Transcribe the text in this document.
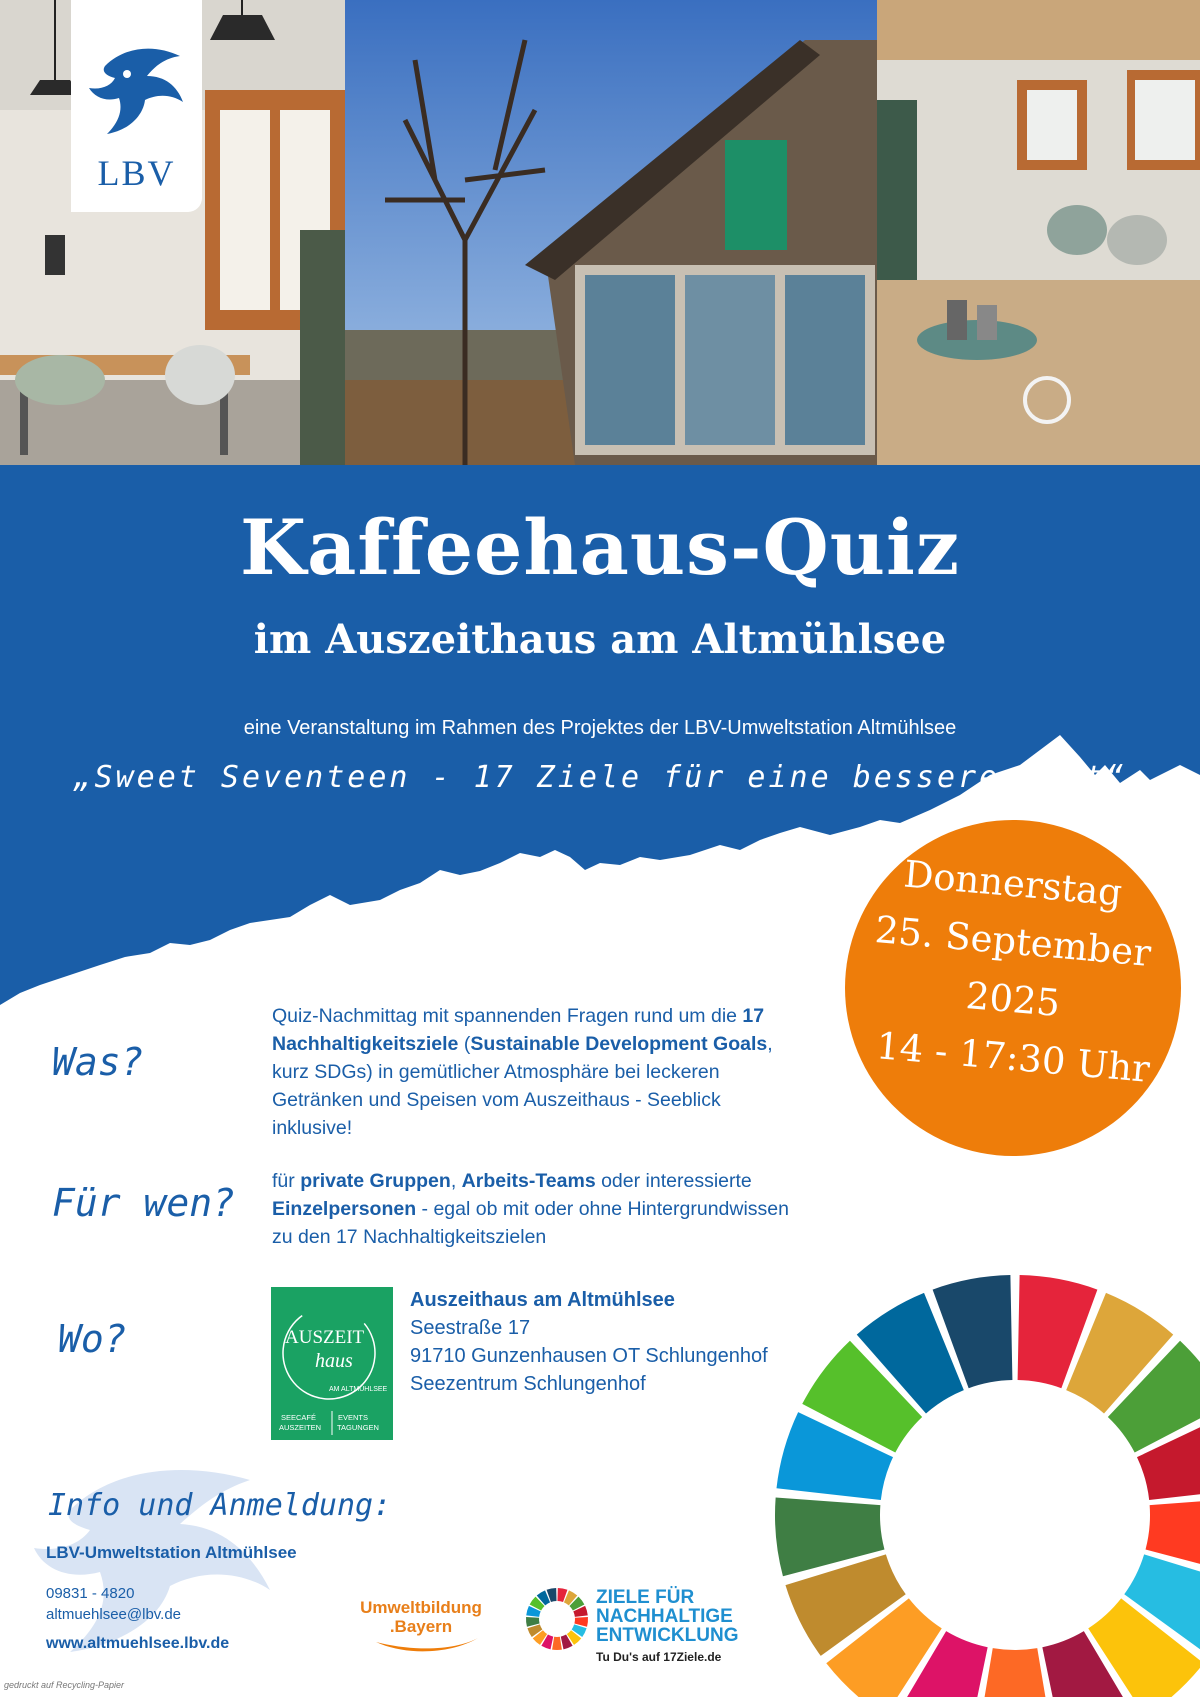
LBV
Kaffeehaus-Quiz
im Auszeithaus am Altmühlsee
eine Veranstaltung im Rahmen des Projektes der LBV-Umweltstation Altmühlsee
„Sweet Seventeen - 17 Ziele für eine bessere Welt“
Donnerstag
25. September
2025
14 - 17:30 Uhr
Was?
Quiz-Nachmittag mit spannenden Fragen rund um die 17 Nachhaltigkeitsziele (Sustainable Development Goals, kurz SDGs) in gemütlicher Atmosphäre bei leckeren Getränken und Speisen vom Auszeithaus - Seeblick inklusive!
Für wen? für private Gruppen, Arbeits-Teams oder interessierte Einzelpersonen - egal ob mit oder ohne Hintergrundwissen zu den 17 Nachhaltigkeitszielen
Wo?	AUSZEIT
haus
AM ALTMÜHLSEE
SEECAFÉ
AUSZEITEN
EVENTS
TAGUNGEN
Auszeithaus am Altmühlsee
Seestraße 17
91710 Gunzenhausen OT Schlungenhof
Seezentrum Schlungenhof
Info und Anmeldung:
LBV-Umweltstation Altmühlsee
09831 - 4820
altmuehlsee@lbv.de
www.altmuehlsee.lbv.de
gedruckt auf Recycling-Papier
Umweltbildung
.Bayern
ZIELE FÜR
NACHHALTIGE
ENTWICKLUNG
Tu Du's auf 17Ziele.de
